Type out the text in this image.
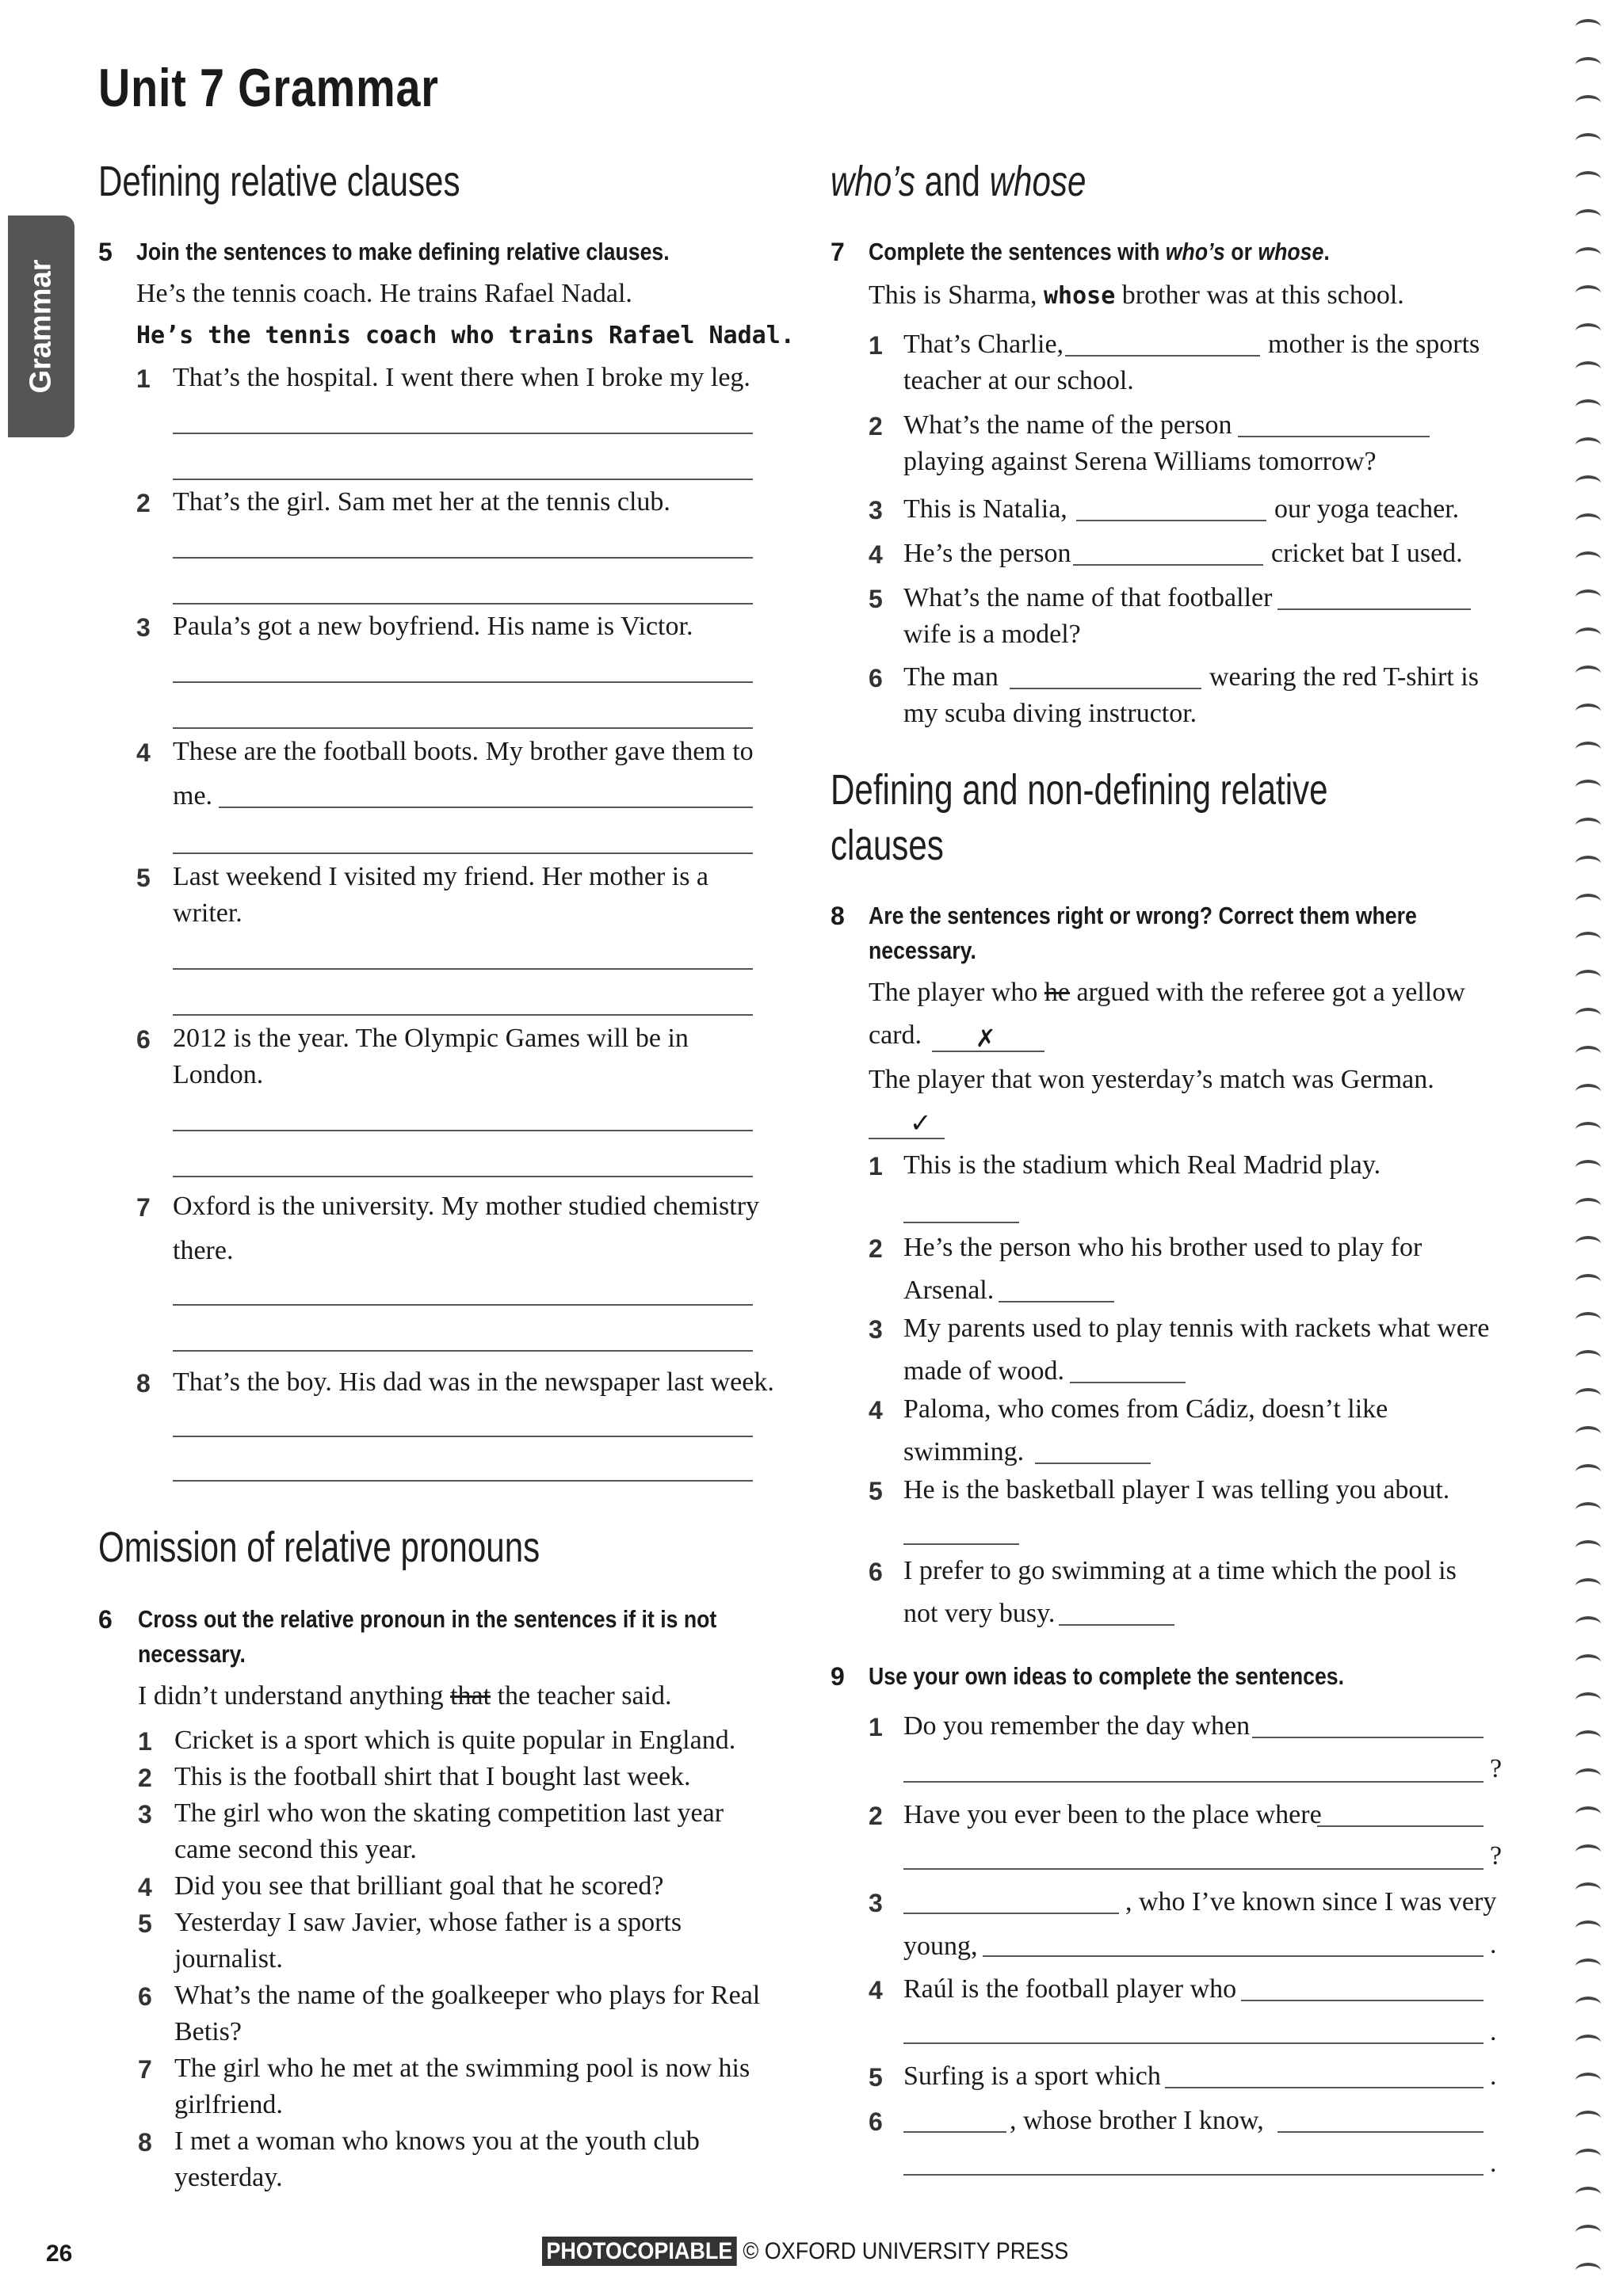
Unit 7 Grammar
Grammar
Defining relative clauses
5 Join the sentences to make defining relative clauses.
He’s the tennis coach. He trains Rafael Nadal.
He’s the tennis coach who trains Rafael Nadal.
1 That’s the hospital. I went there when I broke my leg.
2 That’s the girl. Sam met her at the tennis club.
3 Paula’s got a new boyfriend. His name is Victor.
4 These are the football boots. My brother gave them to
me.
5 Last weekend I visited my friend. Her mother is a
writer.
6 2012 is the year. The Olympic Games will be in
London.
7 Oxford is the university. My mother studied chemistry
there.
8 That’s the boy. His dad was in the newspaper last week.
Omission of relative pronouns
6 Cross out the relative pronoun in the sentences if it is not
necessary.
I didn’t understand anything that the teacher said.
1 Cricket is a sport which is quite popular in England.
2 This is the football shirt that I bought last week.
3 The girl who won the skating competition last year
came second this year.
4 Did you see that brilliant goal that he scored?
5 Yesterday I saw Javier, whose father is a sports
journalist.
6 What’s the name of the goalkeeper who plays for Real
Betis?
7 The girl who he met at the swimming pool is now his
girlfriend.
8 I met a woman who knows you at the youth club
yesterday.
who’s and whose
7 Complete the sentences with who’s or whose.
This is Sharma, whose brother was at this school.
1 That’s Charlie,	mother is the sports
teacher at our school.
2 What’s the name of the person
playing against Serena Williams tomorrow?
3 This is Natalia,	our yoga teacher.
4 He’s the person	cricket bat I used.
5 What’s the name of that footballer
wife is a model?
6 The man	wearing the red T-shirt is
my scuba diving instructor.
Defining and non-defining relative
clauses
8 Are the sentences right or wrong? Correct them where
necessary.
The player who he argued with the referee got a yellow
card. ✗
The player that won yesterday’s match was German.
✓
1 This is the stadium which Real Madrid play.
2 He’s the person who his brother used to play for
Arsenal.
3 My parents used to play tennis with rackets what were
made of wood.
4 Paloma, who comes from Cádiz, doesn’t like
swimming.
5 He is the basketball player I was telling you about.
6 I prefer to go swimming at a time which the pool is
not very busy.
9 Use your own ideas to complete the sentences.
1 Do you remember the day when
?
2 Have you ever been to the place where
?
3	, who I’ve known since I was very
young,	.
4 Raúl is the football player who
.
5 Surfing is a sport which	.
6	, whose brother I know,
.
26	PHOTOCOPIABLE © OXFORD UNIVERSITY PRESS
